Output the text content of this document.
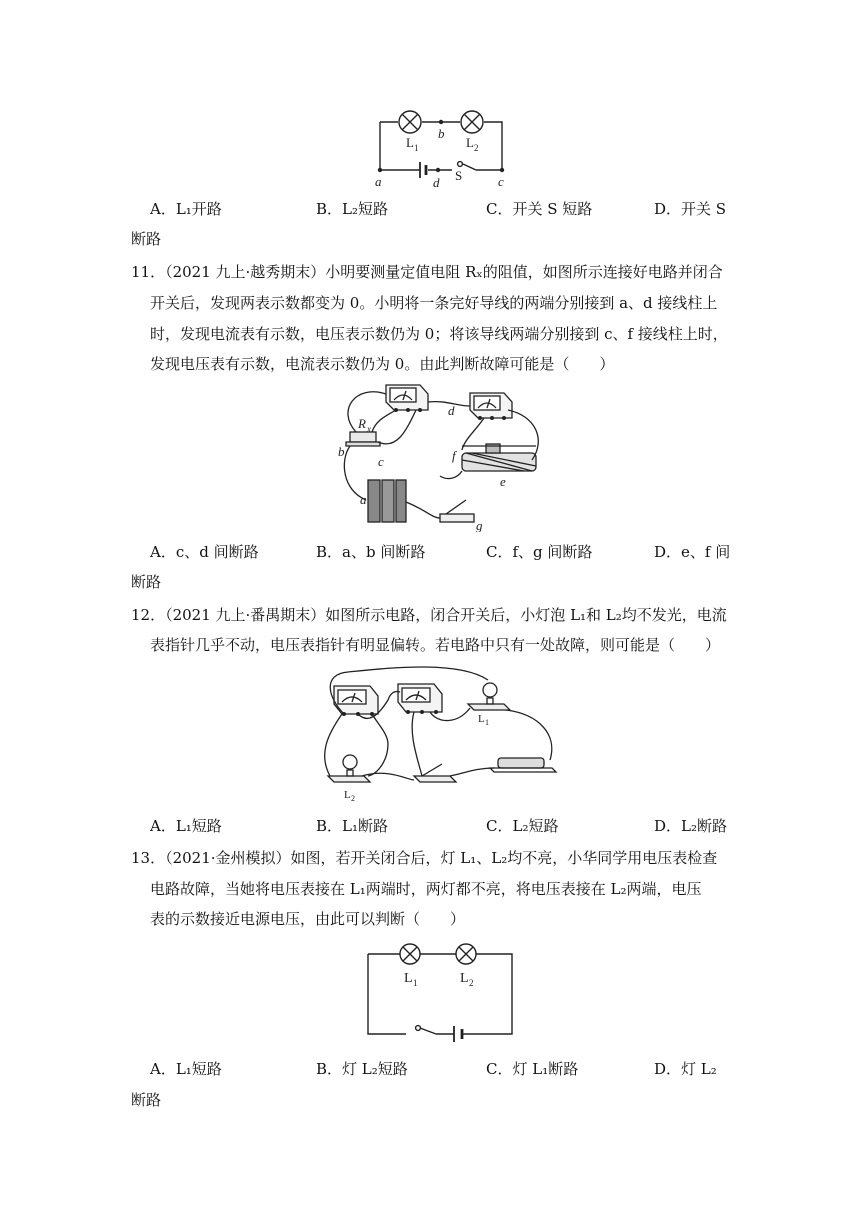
L 1	L 2
b
a	d S	c
A．L₁开路	B．L₂短路	C．开关 S 短路	D．开关 S
断路
11．（2021 九上·越秀期末）小明要测量定值电阻 Rₓ的阻值，如图所示连接好电路并闭合
开关后，发现两表示数都变为 0。小明将一条完好导线的两端分别接到 a、d 接线柱上
时，发现电流表有示数，电压表示数仍为 0；将该导线两端分别接到 c、f 接线柱上时，
发现电压表有示数，电流表示数仍为 0。由此判断故障可能是（　　）
R x
b
c
d
f
e
a
g
A．c、d 间断路	B．a、b 间断路	C．f、g 间断路	D．e、f 间
断路
12．（2021 九上·番禺期末）如图所示电路，闭合开关后，小灯泡 L₁和 L₂均不发光，电流
表指针几乎不动，电压表指针有明显偏转。若电路中只有一处故障，则可能是（　　）
L 1
L 2
A．L₁短路	B．L₁断路	C．L₂短路	D．L₂断路
13．（2021·金州模拟）如图，若开关闭合后，灯 L₁、L₂均不亮，小华同学用电压表检查
电路故障，当她将电压表接在 L₁两端时，两灯都不亮，将电压表接在 L₂两端，电压
表的示数接近电源电压，由此可以判断（　　）
L 1	L 2
A．L₁短路	B．灯 L₂短路	C．灯 L₁断路	D．灯 L₂
断路
